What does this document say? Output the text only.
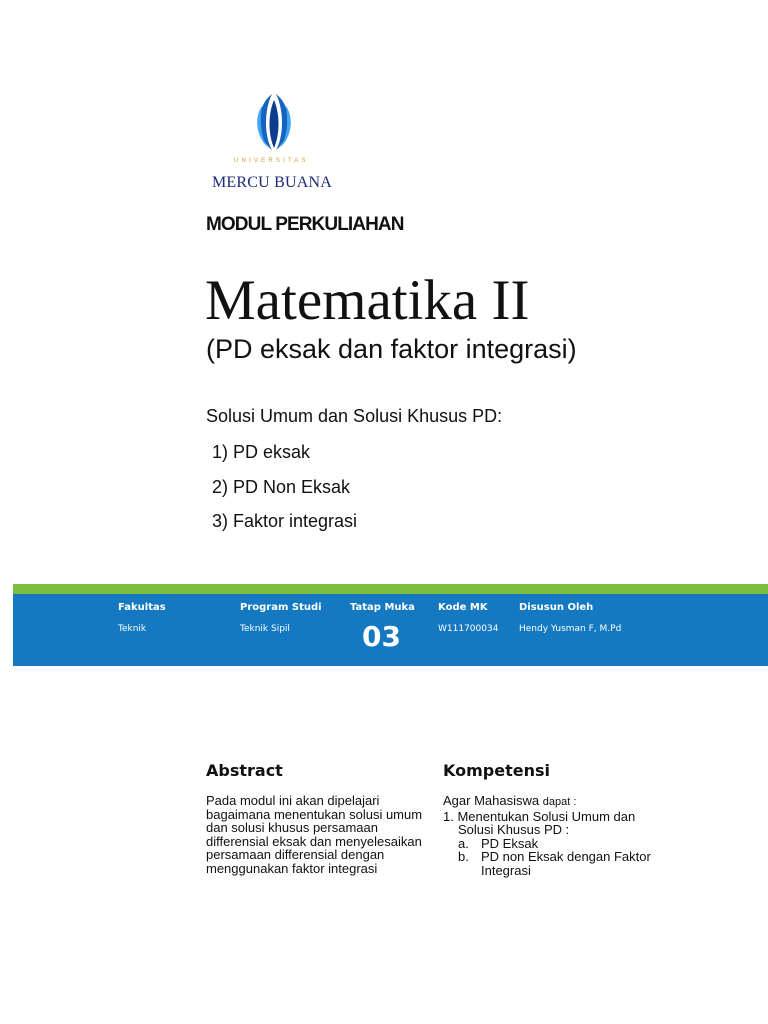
UNIVERSITAS
MERCU BUANA
MODUL PERKULIAHAN
Matematika II
(PD eksak dan faktor integrasi)
Solusi Umum dan Solusi Khusus PD:
1) PD eksak
2) PD Non Eksak
3) Faktor integrasi
Fakultas
Teknik
Program Studi
Teknik Sipil
Tatap Muka
03
Kode MK
W111700034
Disusun Oleh
Hendy Yusman F, M.Pd
Abstract
Pada modul ini akan dipelajari bagaimana menentukan solusi umum dan solusi khusus persamaan differensial eksak dan menyelesaikan persamaan differensial dengan menggunakan faktor integrasi
Kompetensi
Agar Mahasiswa dapat :
1. Menentukan Solusi Umum dan
Solusi Khusus PD :
a. PD Eksak
b. PD non Eksak dengan Faktor
Integrasi
